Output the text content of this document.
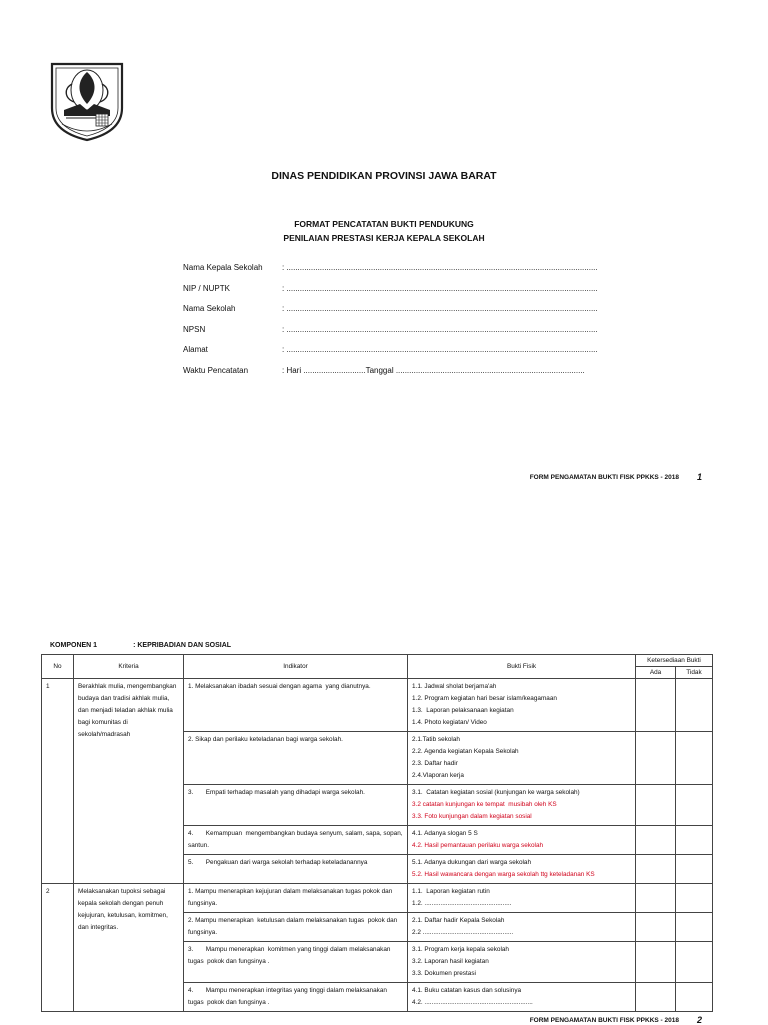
DINAS PENDIDIKAN PROVINSI JAWA BARAT
FORMAT PENCATATAN BUKTI PENDUKUNG
PENILAIAN PRESTASI KERJA KEPALA SEKOLAH
Nama Kepala Sekolah	: ............................................................................................................................................
NIP / NUPTK	: ............................................................................................................................................
Nama Sekolah	: ............................................................................................................................................
NPSN	: ............................................................................................................................................
Alamat	: ............................................................................................................................................
Waktu Pencatatan	: Hari ............................Tanggal .....................................................................................
FORM PENGAMATAN BUKTI FISK PPKKS - 2018 1
KOMPONEN 1	: KEPRIBADIAN DAN SOSIAL
No	Kriteria	Indikator	Bukti Fisik	Ketersediaan Bukti	
				Ada	Tidak
1	Berakhlak mulia, mengembangkan budaya dan tradisi akhlak mulia, dan menjadi teladan akhlak mulia bagi komunitas di sekolah/madrasah	1. Melaksanakan ibadah sesuai dengan agama  yang dianutnya.	1.1. Jadwal sholat berjama'ah
1.2. Program kegiatan hari besar islam/keagamaan
1.3.  Laporan pelaksanaan kegiatan
1.4. Photo kegiatan/ Video		

		2. Sikap dan perilaku keteladanan bagi warga sekolah.	2.1.Tatib sekolah
2.2. Agenda kegiatan Kepala Sekolah
2.3. Daftar hadir
2.4.Vlaporan kerja		

		3.       Empati terhadap masalah yang dihadapi warga sekolah.	3.1.  Catatan kegiatan sosial (kunjungan ke warga sekolah)
3.2 catatan kunjungan ke tempat  musibah oleh KS
3.3. Foto kunjungan dalam kegiatan sosial		

		4.       Kemampuan  mengembangkan budaya senyum, salam, sapa, sopan, santun.	4.1. Adanya slogan 5 S
4.2. Hasil pemantauan perilaku warga sekolah		

		5.       Pengakuan dari warga sekolah terhadap keteladanannya	5.1. Adanya dukungan dari warga sekolah
5.2. Hasil wawancara dengan warga sekolah ttg keteladanan KS		

2	Melaksanakan tupoksi sebagai kepala sekolah dengan penuh kejujuran, ketulusan, komitmen, dan integritas.	1. Mampu menerapkan kejujuran dalam melaksanakan tugas pokok dan fungsinya.	1.1.  Laporan kegiatan rutin
1.2. .................................................		

		2. Mampu menerapkan  ketulusan dalam melaksanakan tugas  pokok dan fungsinya.	2.1. Daftar hadir Kepala Sekolah
2.2 ...................................................		

		3.       Mampu menerapkan  komitmen yang tinggi dalam melaksanakan tugas  pokok dan fungsinya .	3.1. Program kerja kepala sekolah
3.2. Laporan hasil kegiatan
3.3. Dokumen prestasi		

		4.       Mampu menerapkan integritas yang tinggi dalam melaksanakan  tugas  pokok dan fungsinya .	4.1. Buku catatan kasus dan solusinya
4.2. .............................................................		

FORM PENGAMATAN BUKTI FISK PPKKS - 2018 2
